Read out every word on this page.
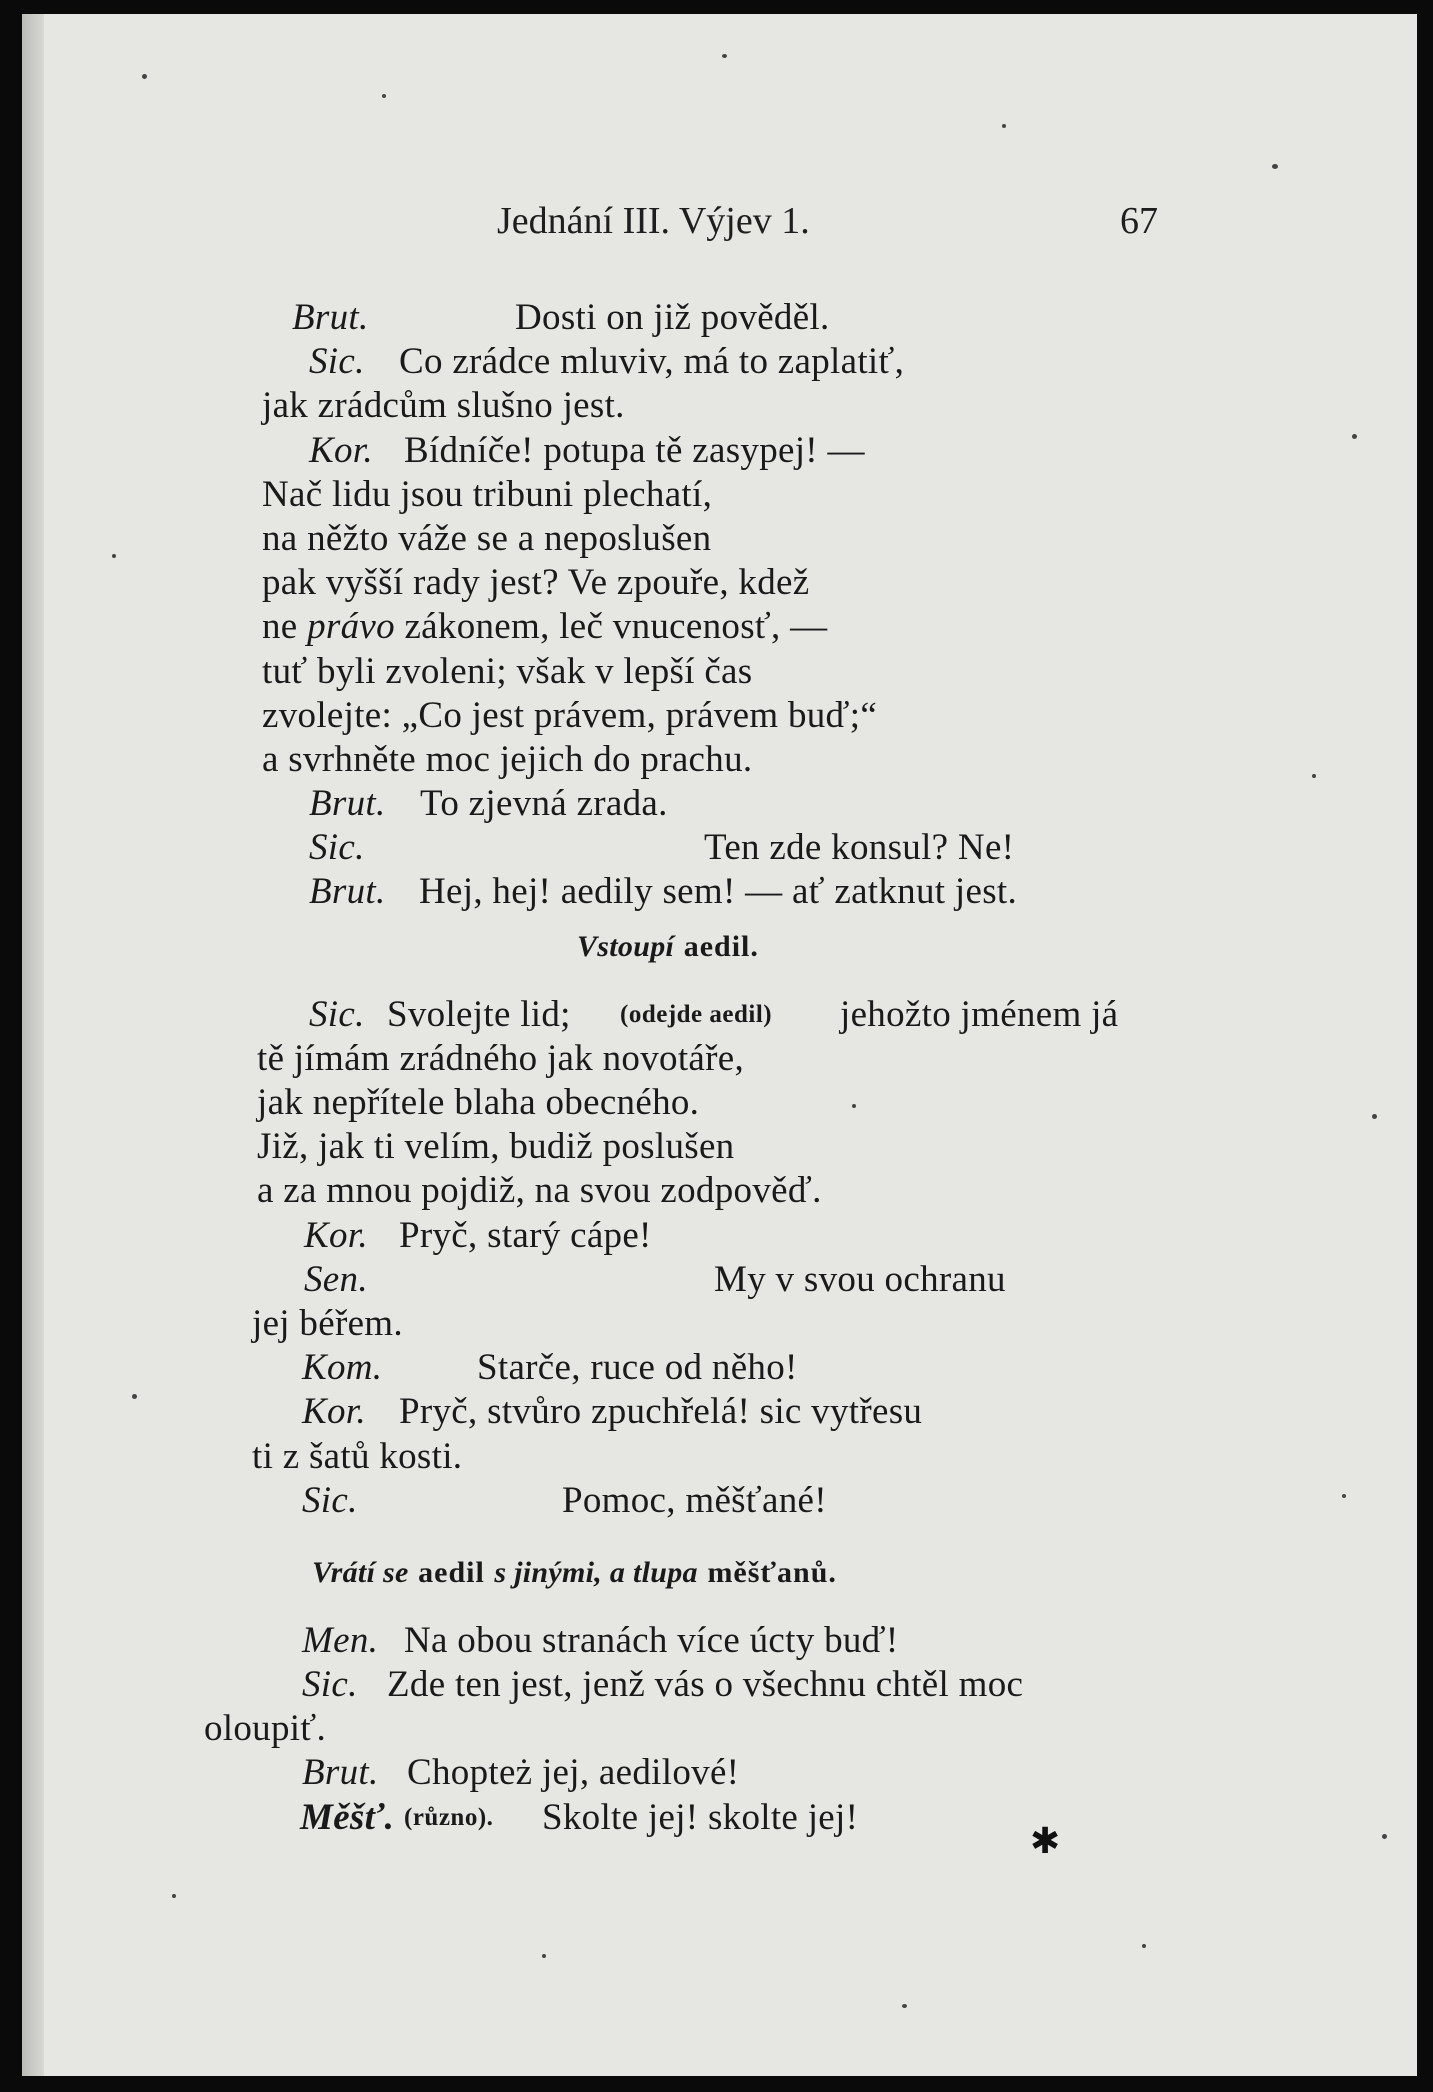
Jednání III. Výjev 1.	67
Brut.	Dosti on již pověděl.
Sic. Co zrádce mluviv, má to zaplatiť,
jak zrádcům slušno jest.
Kor. Bídníče! potupa tě zasypej! —
Nač lidu jsou tribuni plechatí,
na něžto váže se a neposlušen
pak vyšší rady jest? Ve zpouře, kdež
ne právo zákonem, leč vnucenosť, —
tuť byli zvoleni; však v lepší čas
zvolejte: „Co jest právem, právem buď;“
a svrhněte moc jejich do prachu.
Brut. To zjevná zrada.
Sic.	Ten zde konsul? Ne!
Brut. Hej, hej! aedily sem! — ať zatknut jest.
Vstoupí aedil.
Sic. Svolejte lid; (odejde aedil) jehožto jménem já
tě jímám zrádného jak novotáře,
jak nepřítele blaha obecného.
Již, jak ti velím, budiž poslušen
a za mnou pojdiž, na svou zodpověď.
Kor. Pryč, starý cápe!
Sen.	My v svou ochranu
jej béřem.
Kom.	Starče, ruce od něho!
Kor. Pryč, stvůro zpuchřelá! sic vytřesu
ti z šatů kosti.
Sic.	Pomoc, měšťané!
Vrátí se aedil s jinými, a tlupa měšťanů.
Men. Na obou stranách více úcty buď!
Sic. Zde ten jest, jenž vás o všechnu chtěl moc
oloupiť.
Brut. Chopteż jej, aedilové!
Měšť. (různo). Skolte jej! skolte jej!
✱
